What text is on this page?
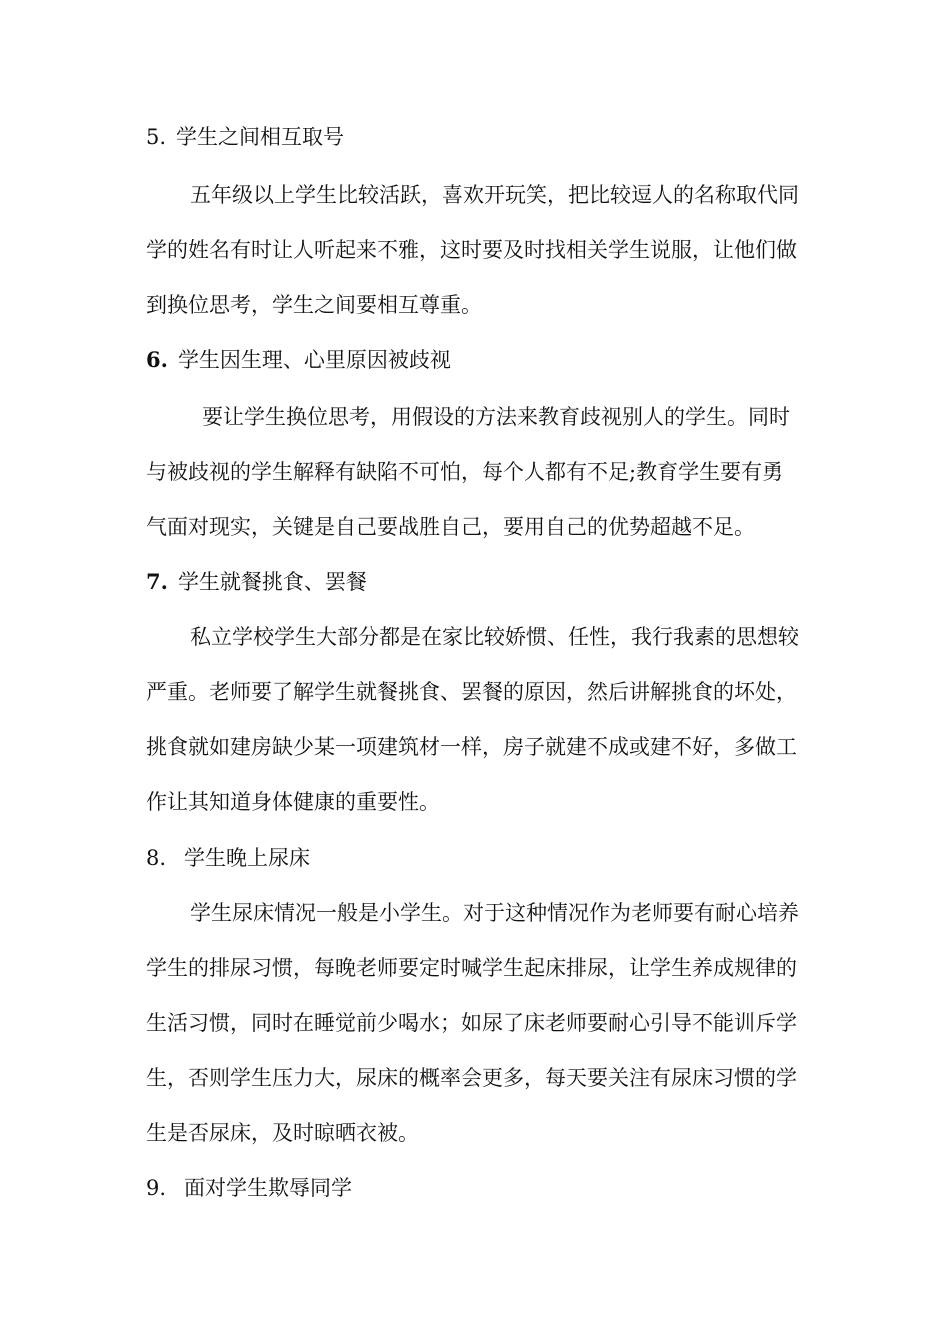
5. 学生之间相互取号
五年级以上学生比较活跃，喜欢开玩笑，把比较逗人的名称取代同
学的姓名有时让人听起来不雅，这时要及时找相关学生说服，让他们做
到换位思考，学生之间要相互尊重。
6. 学生因生理、心里原因被歧视
要让学生换位思考，用假设的方法来教育歧视别人的学生。同时
与被歧视的学生解释有缺陷不可怕，每个人都有不足;教育学生要有勇
气面对现实，关键是自己要战胜自己，要用自己的优势超越不足。
7. 学生就餐挑食、罢餐
私立学校学生大部分都是在家比较娇惯、任性，我行我素的思想较
严重。老师要了解学生就餐挑食、罢餐的原因，然后讲解挑食的坏处，
挑食就如建房缺少某一项建筑材一样，房子就建不成或建不好，多做工
作让其知道身体健康的重要性。
8. 学生晚上尿床
学生尿床情况一般是小学生。对于这种情况作为老师要有耐心培养
学生的排尿习惯，每晚老师要定时喊学生起床排尿，让学生养成规律的
生活习惯，同时在睡觉前少喝水；如尿了床老师要耐心引导不能训斥学
生，否则学生压力大，尿床的概率会更多，每天要关注有尿床习惯的学
生是否尿床，及时晾晒衣被。
9. 面对学生欺辱同学
